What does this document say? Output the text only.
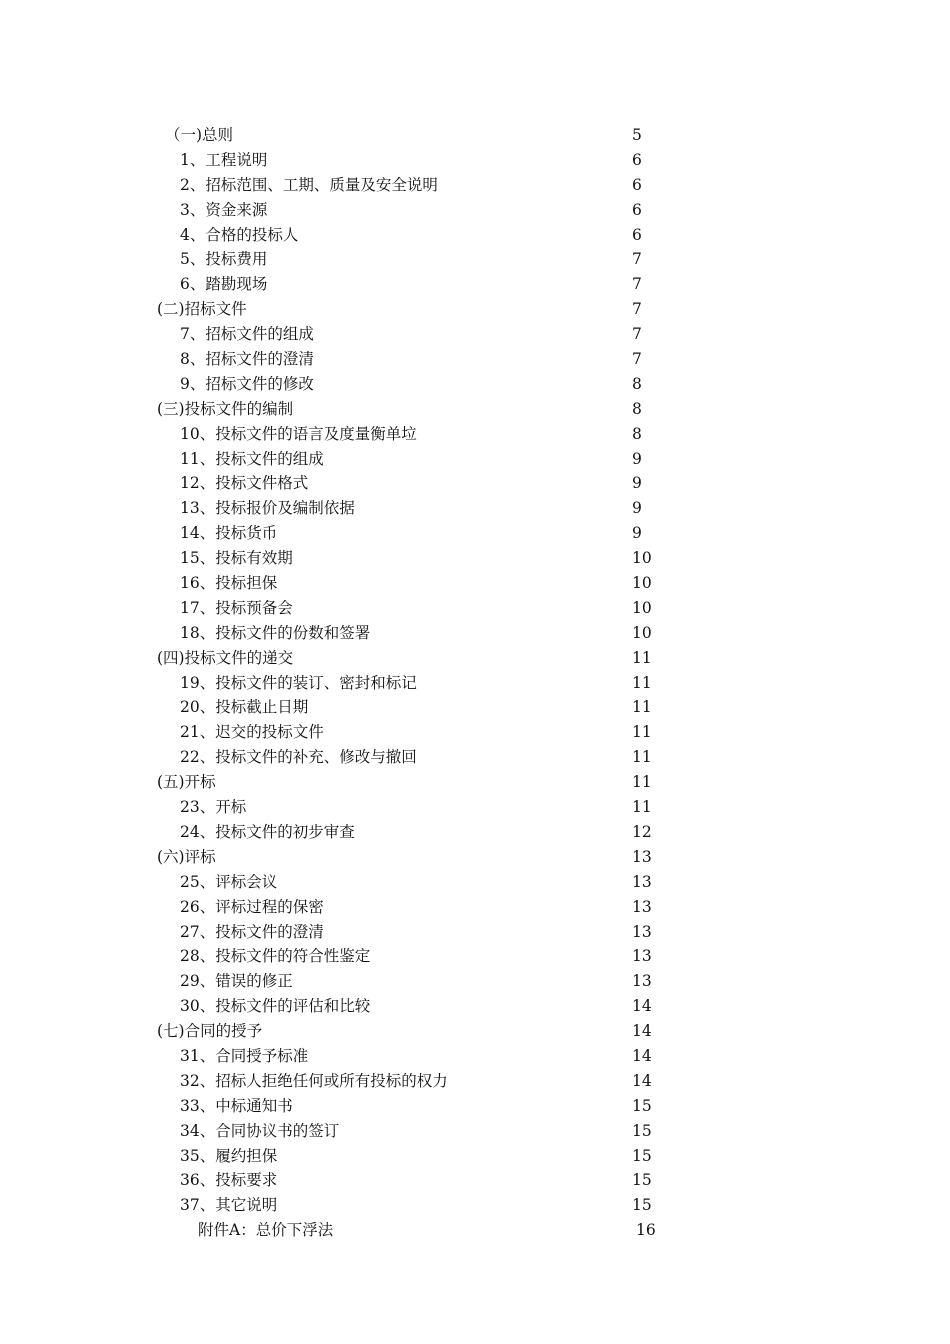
（一)总则	5
1、工程说明	6
2、招标范围、工期、质量及安全说明	6
3、资金来源	6
4、合格的投标人	6
5、投标费用	7
6、踏勘现场	7
(二)招标文件	7
7、招标文件的组成	7
8、招标文件的澄清	7
9、招标文件的修改	8
(三)投标文件的编制	8
10、投标文件的语言及度量衡单垃	8
11、投标文件的组成	9
12、投标文件格式	9
13、投标报价及编制依据	9
14、投标货币	9
15、投标有效期	10
16、投标担保	10
17、投标预备会	10
18、投标文件的份数和签署	10
(四)投标文件的递交	11
19、投标文件的装订、密封和标记	11
20、投标截止日期	11
21、迟交的投标文件	11
22、投标文件的补充、修改与撤回	11
(五)开标	11
23、开标	11
24、投标文件的初步审查	12
(六)评标	13
25、评标会议	13
26、评标过程的保密	13
27、投标文件的澄清	13
28、投标文件的符合性鉴定	13
29、错误的修正	13
30、投标文件的评估和比较	14
(七)合同的授予	14
31、合同授予标准	14
32、招标人拒绝任何或所有投标的权力	14
33、中标通知书	15
34、合同协议书的签订	15
35、履约担保	15
36、投标要求	15
37、其它说明	15
附件A：总价下浮法	16
